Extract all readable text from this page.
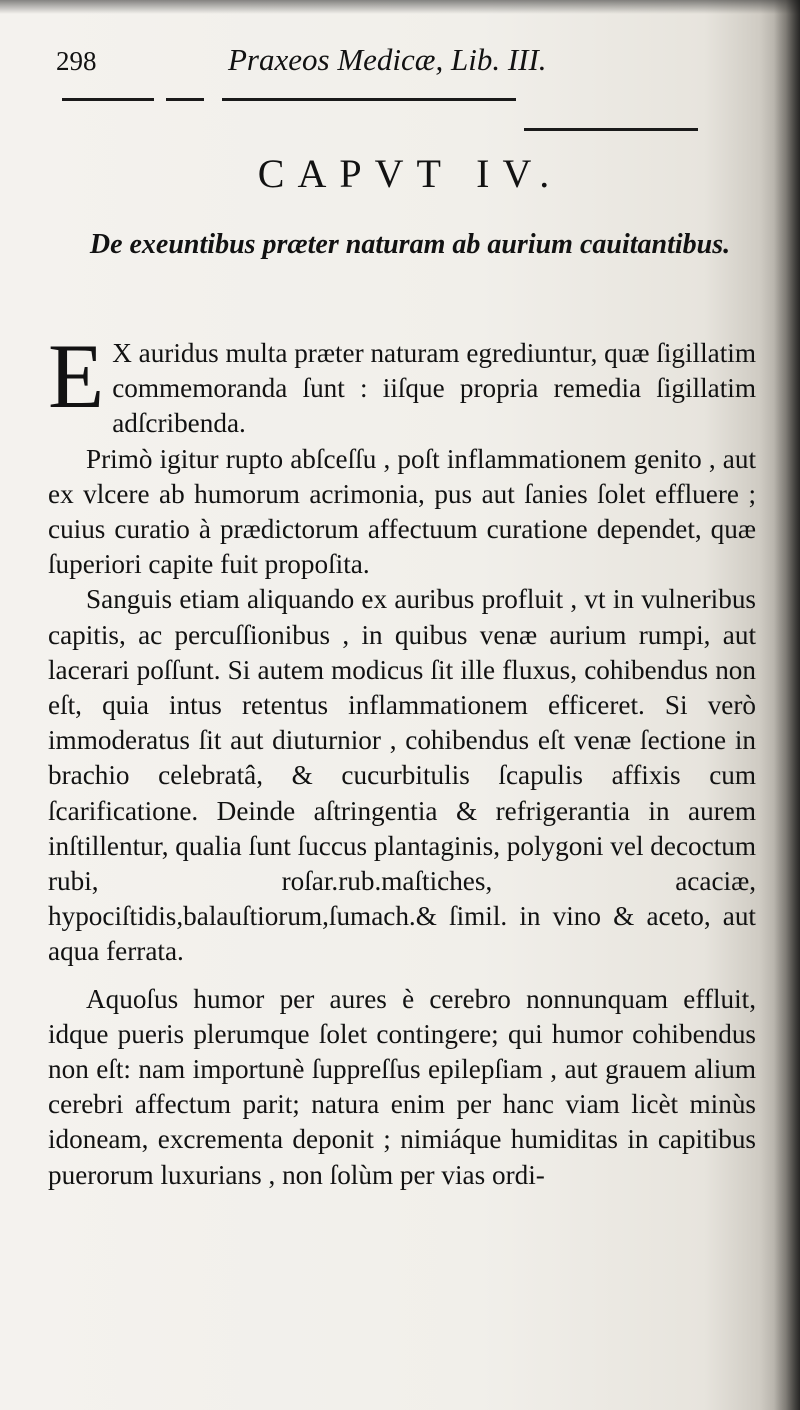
298	Praxeos Medicæ, Lib. III.
CAPVT IV.
De exeuntibus præter naturam ab aurium cauitantibus.

E X auridus multa præter naturam egrediuntur, quæ ſigillatim commemoranda ſunt : iiſque propria remedia ſigillatim adſcribenda.

Primò igitur rupto abſceſſu , poſt inflammationem genito , aut ex vlcere ab humorum acrimonia, pus aut ſanies ſolet effluere ; cuius curatio à prædictorum affectuum curatione dependet, quæ ſuperiori capite fuit propoſita.

Sanguis etiam aliquando ex auribus profluit , vt in vulneribus capitis, ac percuſſionibus , in quibus venæ aurium rumpi, aut lacerari poſſunt. Si autem modicus ſit ille fluxus, cohibendus non eſt, quia intus retentus inflammationem efficeret. Si verò immoderatus ſit aut diuturnior , cohibendus eſt venæ ſectione in brachio celebratâ, & cucurbitulis ſcapulis affixis cum ſcarificatione. Deinde aſtringentia & refrigerantia in aurem inſtillentur, qualia ſunt ſuccus plantaginis, polygoni vel decoctum rubi, roſar.rub.maſtiches, acaciæ, hypociſtidis,balauſtiorum,ſumach.& ſimil. in vino & aceto, aut aqua ferrata.

Aquoſus humor per aures è cerebro nonnunquam effluit, idque pueris plerumque ſolet contingere; qui humor cohibendus non eſt: nam importunè ſuppreſſus epilepſiam , aut grauem alium cerebri affectum parit; natura enim per hanc viam licèt minùs idoneam, excrementa deponit ; nimiáque humiditas in capitibus puerorum luxurians , non ſolùm per vias ordi-
